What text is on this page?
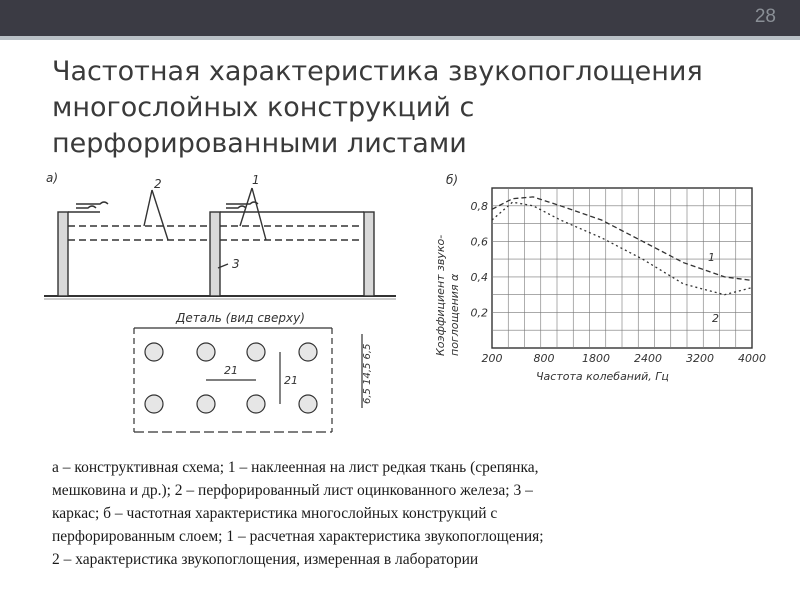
28
Частотная характеристика звукопоглощения
многослойных конструкций с
перфорированными листами
а)	2	1
3
Деталь (вид сверху)
21
21
6,5 14,5 6,5
б)
200	800	1800 2400 3200 4000
0,2
0,4
0,6
0,8
1
2
Коэффициент звуко- поглощения α
Частота колебаний, Гц
а – конструктивная схема; 1 – наклеенная на лист редкая ткань (срепянка,
мешковина и др.); 2 – перфорированный лист оцинкованного железа; 3 –
каркас; б – частотная характеристика многослойных конструкций с
перфорированным слоем; 1 – расчетная характеристика звукопоглощения;
2 – характеристика звукопоглощения, измеренная в лаборатории
